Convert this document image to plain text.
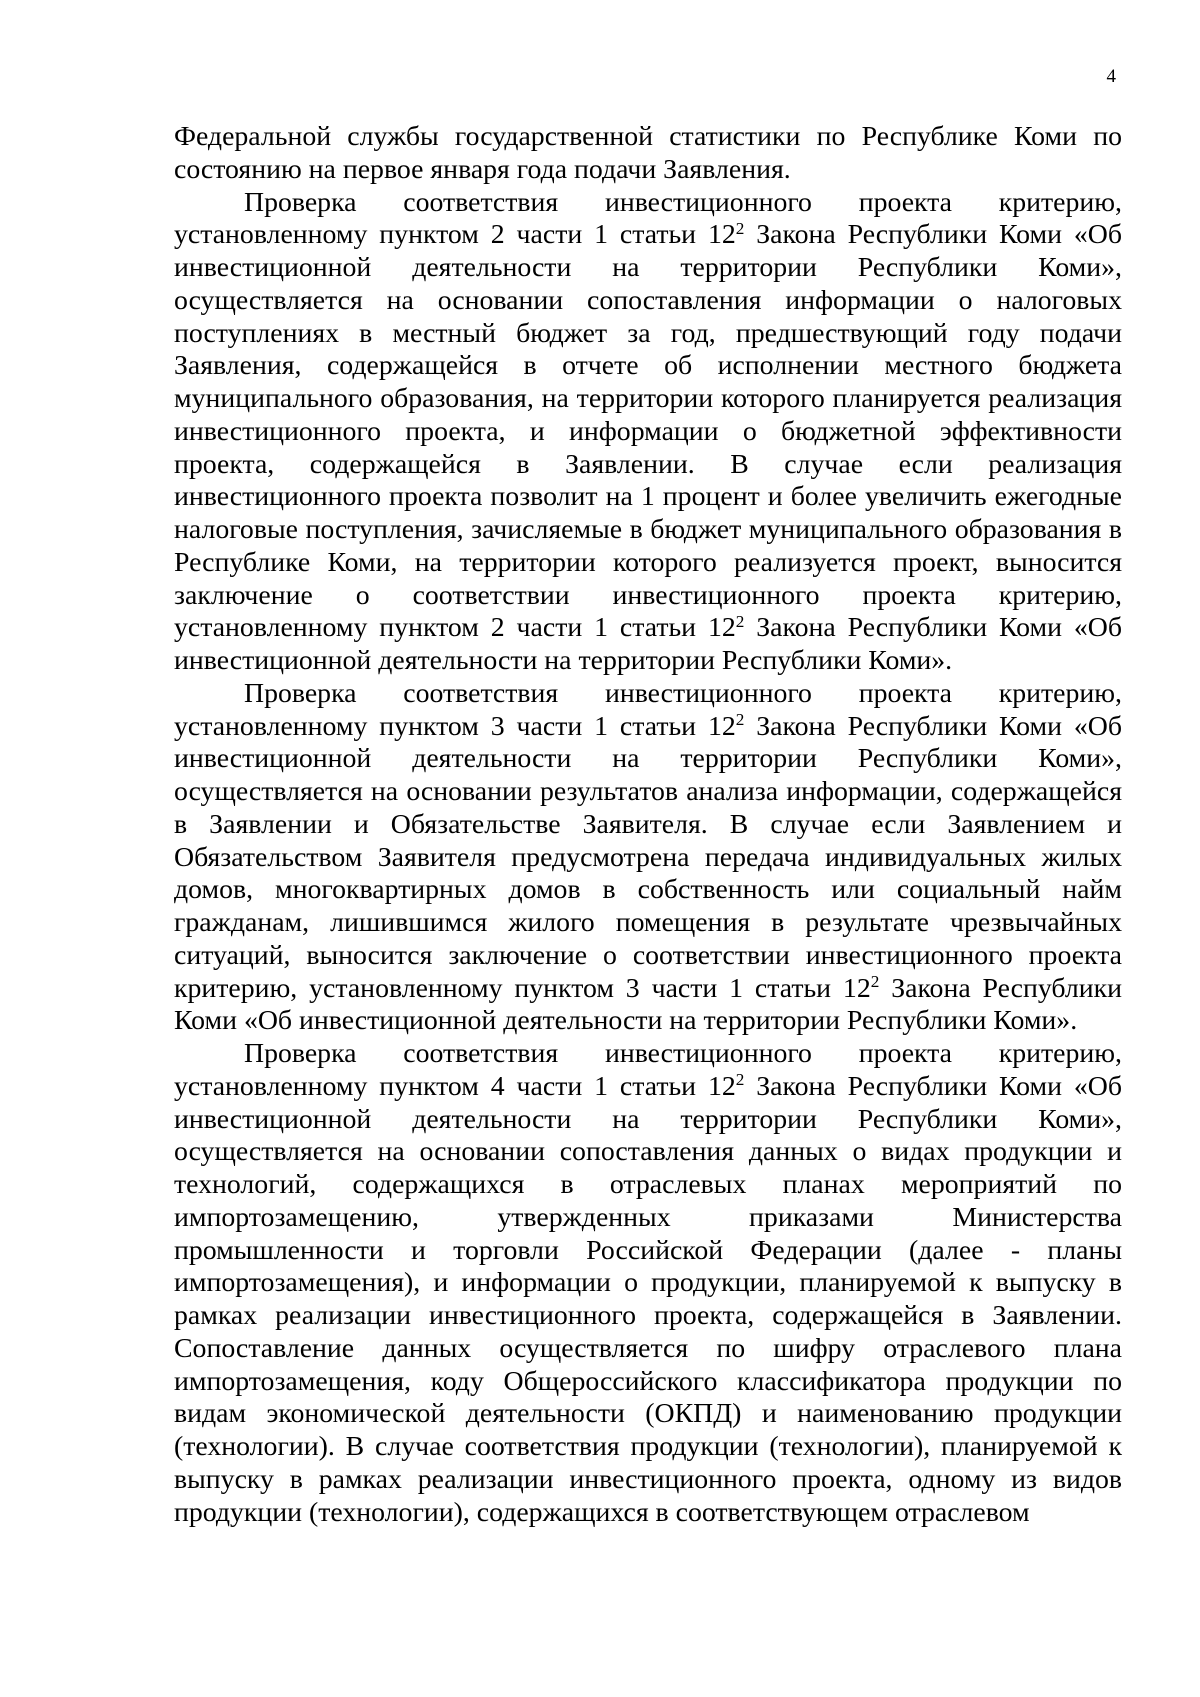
4

Федеральной службы государственной статистики по Республике Коми по состоянию на первое января года подачи Заявления.

Проверка соответствия инвестиционного проекта критерию, установленному пунктом 2 части 1 статьи $12^2$ Закона Республики Коми «Об инвестиционной деятельности на территории Республики Коми», осуществляется на основании сопоставления информации о налоговых поступлениях в местный бюджет за год, предшествующий году подачи Заявления, содержащейся в отчете об исполнении местного бюджета муниципального образования, на территории которого планируется реализация инвестиционного проекта, и информации о бюджетной эффективности проекта, содержащейся в Заявлении. В случае если реализация инвестиционного проекта позволит на 1 процент и более увеличить ежегодные налоговые поступления, зачисляемые в бюджет муниципального образования в Республике Коми, на территории которого реализуется проект, выносится заключение о соответствии инвестиционного проекта критерию, установленному пунктом 2 части 1 статьи $12^2$ Закона Республики Коми «Об инвестиционной деятельности на территории Республики Коми».

Проверка соответствия инвестиционного проекта критерию, установленному пунктом 3 части 1 статьи $12^2$ Закона Республики Коми «Об инвестиционной деятельности на территории Республики Коми», осуществляется на основании результатов анализа информации, содержащейся в Заявлении и Обязательстве Заявителя. В случае если Заявлением и Обязательством Заявителя предусмотрена передача индивидуальных жилых домов, многоквартирных домов в собственность или социальный найм гражданам, лишившимся жилого помещения в результате чрезвычайных ситуаций, выносится заключение о соответствии инвестиционного проекта критерию, установленному пунктом 3 части 1 статьи $12^2$ Закона Республики Коми «Об инвестиционной деятельности на территории Республики Коми».

Проверка соответствия инвестиционного проекта критерию, установленному пунктом 4 части 1 статьи $12^2$ Закона Республики Коми «Об инвестиционной деятельности на территории Республики Коми», осуществляется на основании сопоставления данных о видах продукции и технологий, содержащихся в отраслевых планах мероприятий по импортозамещению, утвержденных приказами Министерства промышленности и торговли Российской Федерации (далее - планы импортозамещения), и информации о продукции, планируемой к выпуску в рамках реализации инвестиционного проекта, содержащейся в Заявлении. Сопоставление данных осуществляется по шифру отраслевого плана импортозамещения, коду Общероссийского классификатора продукции по видам экономической деятельности (ОКПД) и наименованию продукции (технологии). В случае соответствия продукции (технологии), планируемой к выпуску в рамках реализации инвестиционного проекта, одному из видов продукции (технологии), содержащихся в соответствующем отраслевом
